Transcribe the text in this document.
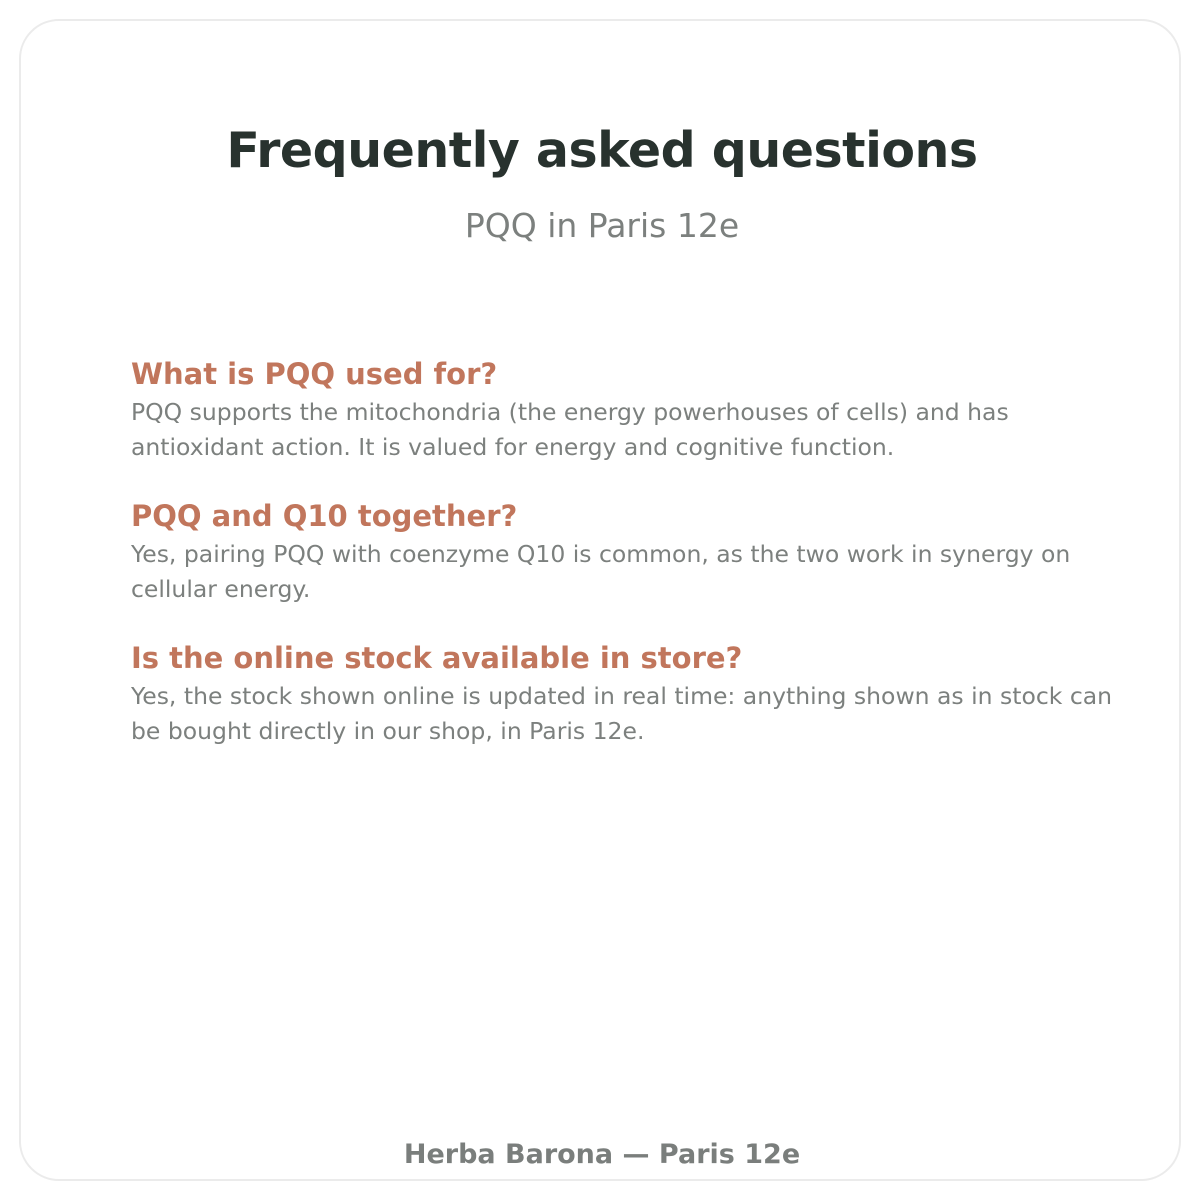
Frequently asked questions
PQQ in Paris 12e
What is PQQ used for?

PQQ supports the mitochondria (the energy powerhouses of cells) and has antioxidant action. It is valued for energy and cognitive function.

PQQ and Q10 together?

Yes, pairing PQQ with coenzyme Q10 is common, as the two work in synergy on cellular energy.

Is the online stock available in store?

Yes, the stock shown online is updated in real time: anything shown as in stock can be bought directly in our shop, in Paris 12e.

Herba Barona — Paris 12e
